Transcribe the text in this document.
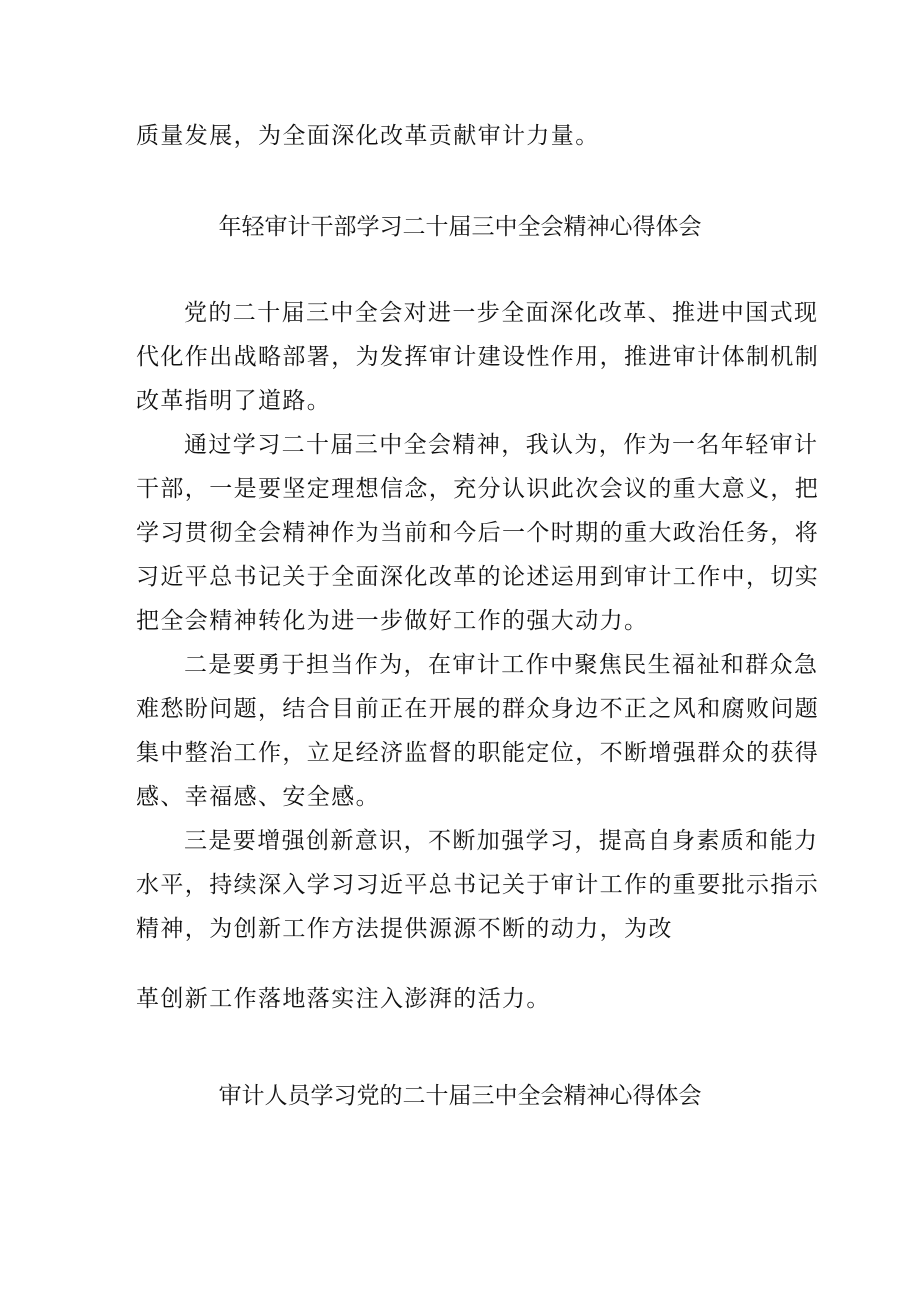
质量发展，为全面深化改革贡献审计力量。
年轻审计干部学习二十届三中全会精神心得体会
党的二十届三中全会对进一步全面深化改革、推进中国式现
代化作出战略部署，为发挥审计建设性作用，推进审计体制机制
改革指明了道路。
通过学习二十届三中全会精神，我认为，作为一名年轻审计
干部，一是要坚定理想信念，充分认识此次会议的重大意义，把
学习贯彻全会精神作为当前和今后一个时期的重大政治任务，将
习近平总书记关于全面深化改革的论述运用到审计工作中，切实
把全会精神转化为进一步做好工作的强大动力。
二是要勇于担当作为，在审计工作中聚焦民生福祉和群众急
难愁盼问题，结合目前正在开展的群众身边不正之风和腐败问题
集中整治工作，立足经济监督的职能定位，不断增强群众的获得
感、幸福感、安全感。
三是要增强创新意识，不断加强学习，提高自身素质和能力
水平，持续深入学习习近平总书记关于审计工作的重要批示指示
精神，为创新工作方法提供源源不断的动力，为改
革创新工作落地落实注入澎湃的活力。
审计人员学习党的二十届三中全会精神心得体会
